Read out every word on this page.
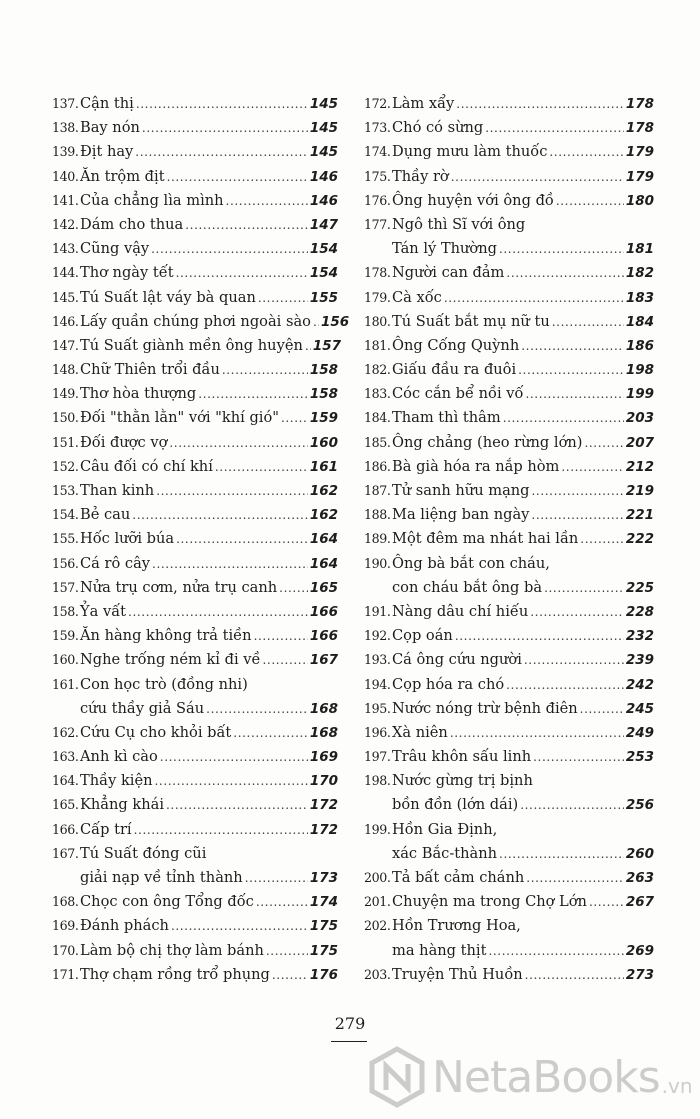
137. Cận thị .....	145
138. Bay nón .....	145
139. Địt hay .....	145
140. Ăn trộm địt .....	146
141. Của chẳng lìa mình .....	146
142. Dám cho thua .....	147
143. Cũng vậy .....	154
144. Thơ ngày tết .....	154
145. Tú Suất lật váy bà quan .....	155
146. Lấy quần chúng phơi ngoài sào ..... 156
147. Tú Suất giành mền ông huyện ..... 157
148. Chữ Thiên trổi đầu .....	158
149. Thơ hòa thượng .....	158
150. Đối "thằn lằn" với "khí gió" ..... 159
151. Đối được vợ .....	160
152. Câu đối có chí khí .....	161
153. Than kinh .....	162
154. Bẻ cau .....	162
155. Hốc lưỡi búa .....	164
156. Cá rô cây .....	164
157. Nửa trụ cơm, nửa trụ canh ..... 165
158. Ỷa vất .....	166
159. Ăn hàng không trả tiền .....	166
160. Nghe trống ném kỉ đi về .....	167
161. Con học trò (đồng nhi)
cứu thầy giả Sáu .....	168
162. Cứu Cụ cho khỏi bất .....	168
163. Anh kì cào .....	169
164. Thầy kiện .....	170
165. Khẳng khái .....	172
166. Cấp trí .....	172
167. Tú Suất đóng cũi
giải nạp về tỉnh thành .....	173
168. Chọc con ông Tổng đốc .....	174
169. Đánh phách .....	175
170. Làm bộ chị thợ làm bánh .....	175
171. Thợ chạm rồng trổ phụng .....	176
172. Làm xẩy .....	178
173. Chó có sừng .....	178
174. Dụng mưu làm thuốc .....	179
175. Thầy rờ .....	179
176. Ông huyện với ông đồ .....	180
177. Ngô thì Sĩ với ông
Tán lý Thường .....	181
178. Người can đảm .....	182
179. Cà xốc .....	183
180. Tú Suất bắt mụ nữ tu .....	184
181. Ông Cống Quỳnh .....	186
182. Giấu đầu ra đuôi .....	198
183. Cóc cắn bể nồi vố .....	199
184. Tham thì thâm .....	203
185. Ông chảng (heo rừng lớn) .....	207
186. Bà già hóa ra nắp hòm .....	212
187. Tử sanh hữu mạng .....	219
188. Ma liệng ban ngày .....	221
189. Một đêm ma nhát hai lần .....	222
190. Ông bà bắt con cháu,
con cháu bắt ông bà .....	225
191. Nàng dâu chí hiếu .....	228
192. Cọp oán .....	232
193. Cá ông cứu người .....	239
194. Cọp hóa ra chó .....	242
195. Nước nóng trừ bệnh điên .....	245
196. Xà niên .....	249
197. Trâu khôn sấu linh .....	253
198. Nước gừng trị bịnh
bồn đồn (lớn dái) .....	256
199. Hồn Gia Định,
xác Bắc-thành .....	260
200. Tả bất cảm chánh .....	263
201. Chuyện ma trong Chợ Lớn .....	267
202. Hồn Trương Hoa,
ma hàng thịt .....	269
203. Truyện Thủ Huồn .....	273
279
NetaBooks .vn
